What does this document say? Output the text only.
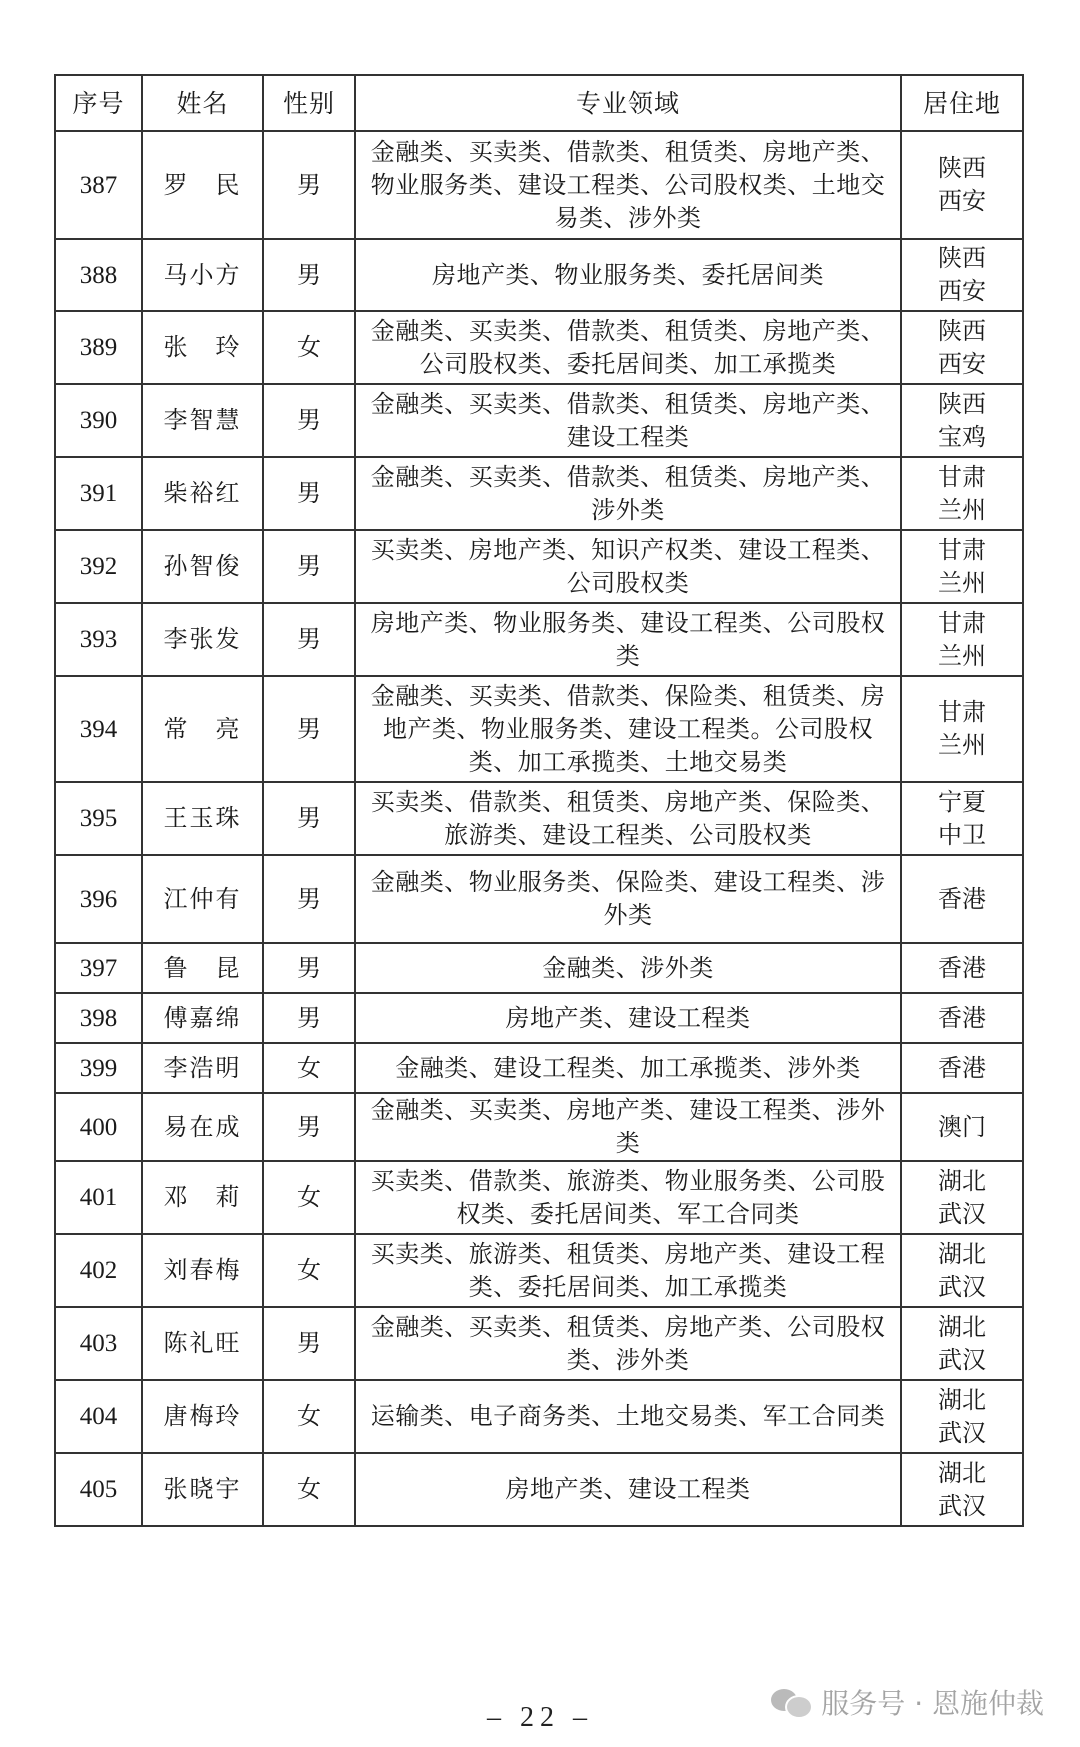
序号	姓名	性别	专业领域	居住地
387	罗　民	男	金融类、买卖类、借款类、租赁类、房地产类、物业服务类、建设工程类、公司股权类、土地交易类、涉外类	陕西
西安

388	马小方	男	房地产类、物业服务类、委托居间类	陕西
西安

389	张　玲	女	金融类、买卖类、借款类、租赁类、房地产类、公司股权类、委托居间类、加工承揽类	陕西
西安

390	李智慧	男	金融类、买卖类、借款类、租赁类、房地产类、建设工程类	陕西
宝鸡

391	柴裕红	男	金融类、买卖类、借款类、租赁类、房地产类、涉外类	甘肃
兰州

392	孙智俊	男	买卖类、房地产类、知识产权类、建设工程类、公司股权类	甘肃
兰州

393	李张发	男	房地产类、物业服务类、建设工程类、公司股权类	甘肃
兰州

394	常　亮	男	金融类、买卖类、借款类、保险类、租赁类、房地产类、物业服务类、建设工程类。公司股权类、加工承揽类、土地交易类	甘肃
兰州

395	王玉珠	男	买卖类、借款类、租赁类、房地产类、保险类、旅游类、建设工程类、公司股权类	宁夏
中卫

396	江仲有	男	金融类、物业服务类、保险类、建设工程类、涉外类	香港

397	鲁　昆	男	金融类、涉外类	香港

398	傅嘉绵	男	房地产类、建设工程类	香港

399	李浩明	女	金融类、建设工程类、加工承揽类、涉外类	香港

400	易在成	男	金融类、买卖类、房地产类、建设工程类、涉外类	澳门

401	邓　莉	女	买卖类、借款类、旅游类、物业服务类、公司股权类、委托居间类、军工合同类	湖北
武汉

402	刘春梅	女	买卖类、旅游类、租赁类、房地产类、建设工程类、委托居间类、加工承揽类	湖北
武汉

403	陈礼旺	男	金融类、买卖类、租赁类、房地产类、公司股权类、涉外类	湖北
武汉

404	唐梅玲	女	运输类、电子商务类、土地交易类、军工合同类	湖北
武汉

405	张晓宇	女	房地产类、建设工程类	湖北
武汉
– 22 –	服务号 · 恩施仲裁
